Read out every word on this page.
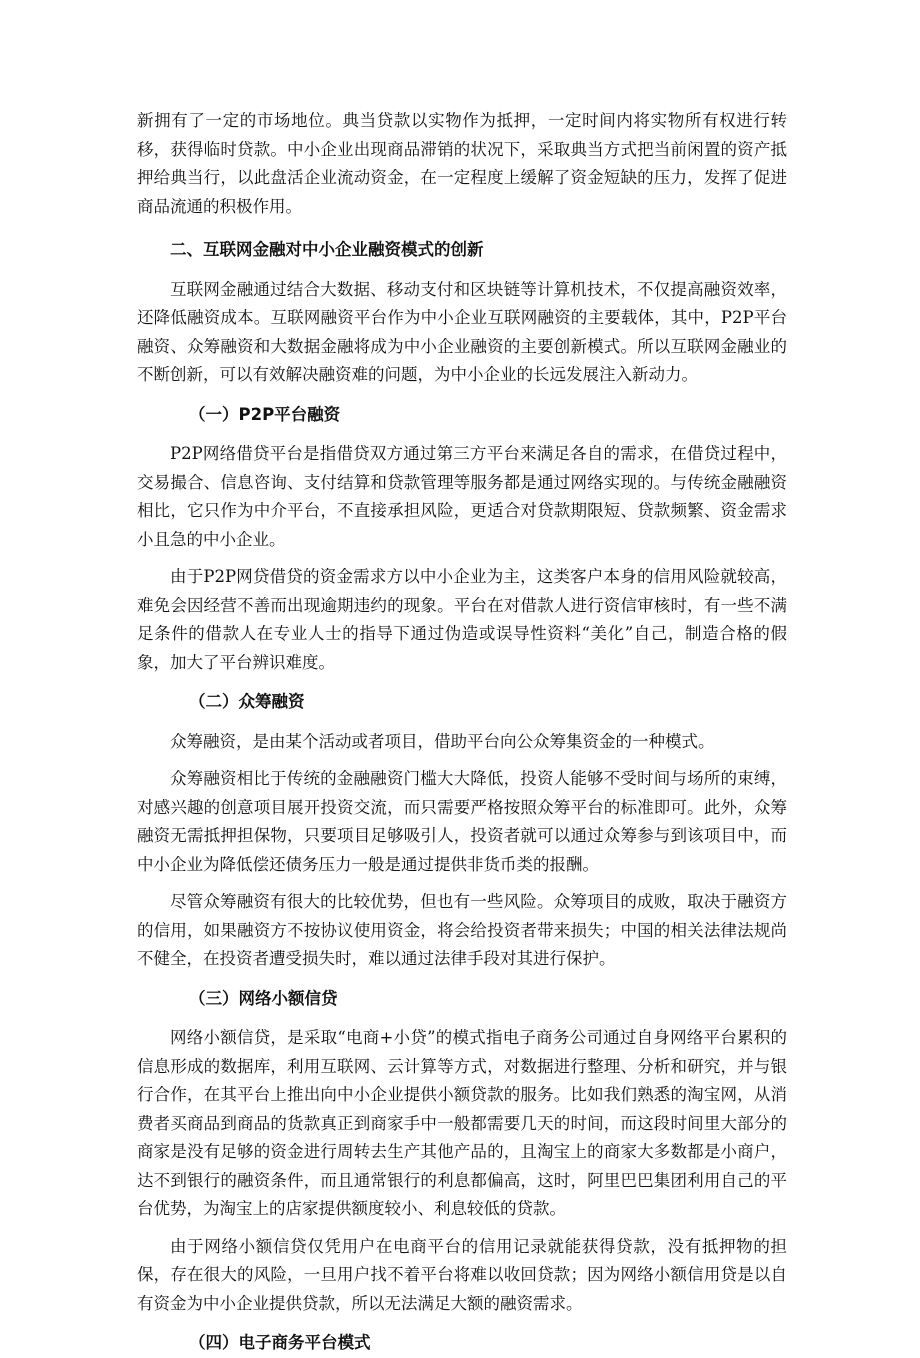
新拥有了一定的市场地位。典当贷款以实物作为抵押，一定时间内将实物所有权进行转移，获得临时贷款。中小企业出现商品滞销的状况下，采取典当方式把当前闲置的资产抵押给典当行，以此盘活企业流动资金，在一定程度上缓解了资金短缺的压力，发挥了促进商品流通的积极作用。

二、互联网金融对中小企业融资模式的创新

互联网金融通过结合大数据、移动支付和区块链等计算机技术，不仅提高融资效率，还降低融资成本。互联网融资平台作为中小企业互联网融资的主要载体，其中，P2P平台融资、众筹融资和大数据金融将成为中小企业融资的主要创新模式。所以互联网金融业的不断创新，可以有效解决融资难的问题，为中小企业的长远发展注入新动力。

（一）P2P平台融资

P2P网络借贷平台是指借贷双方通过第三方平台来满足各自的需求，在借贷过程中，交易撮合、信息咨询、支付结算和贷款管理等服务都是通过网络实现的。与传统金融融资相比，它只作为中介平台，不直接承担风险，更适合对贷款期限短、贷款频繁、资金需求小且急的中小企业。

由于P2P网贷借贷的资金需求方以中小企业为主，这类客户本身的信用风险就较高，难免会因经营不善而出现逾期违约的现象。平台在对借款人进行资信审核时，有一些不满足条件的借款人在专业人士的指导下通过伪造或误导性资料“美化”自己，制造合格的假象，加大了平台辨识难度。

（二）众筹融资

众筹融资，是由某个活动或者项目，借助平台向公众筹集资金的一种模式。

众筹融资相比于传统的金融融资门槛大大降低，投资人能够不受时间与场所的束缚，对感兴趣的创意项目展开投资交流，而只需要严格按照众筹平台的标准即可。此外，众筹融资无需抵押担保物，只要项目足够吸引人，投资者就可以通过众筹参与到该项目中，而中小企业为降低偿还债务压力一般是通过提供非货币类的报酬。

尽管众筹融资有很大的比较优势，但也有一些风险。众筹项目的成败，取决于融资方的信用，如果融资方不按协议使用资金，将会给投资者带来损失；中国的相关法律法规尚不健全，在投资者遭受损失时，难以通过法律手段对其进行保护。

（三）网络小额信贷

网络小额信贷，是采取“电商+小贷”的模式指电子商务公司通过自身网络平台累积的信息形成的数据库，利用互联网、云计算等方式，对数据进行整理、分析和研究，并与银行合作，在其平台上推出向中小企业提供小额贷款的服务。比如我们熟悉的淘宝网，从消费者买商品到商品的货款真正到商家手中一般都需要几天的时间，而这段时间里大部分的商家是没有足够的资金进行周转去生产其他产品的，且淘宝上的商家大多数都是小商户，达不到银行的融资条件，而且通常银行的利息都偏高，这时，阿里巴巴集团利用自己的平台优势，为淘宝上的店家提供额度较小、利息较低的贷款。

由于网络小额信贷仅凭用户在电商平台的信用记录就能获得贷款，没有抵押物的担保，存在很大的风险，一旦用户找不着平台将难以收回贷款；因为网络小额信用贷是以自有资金为中小企业提供贷款，所以无法满足大额的融资需求。

（四）电子商务平台模式
